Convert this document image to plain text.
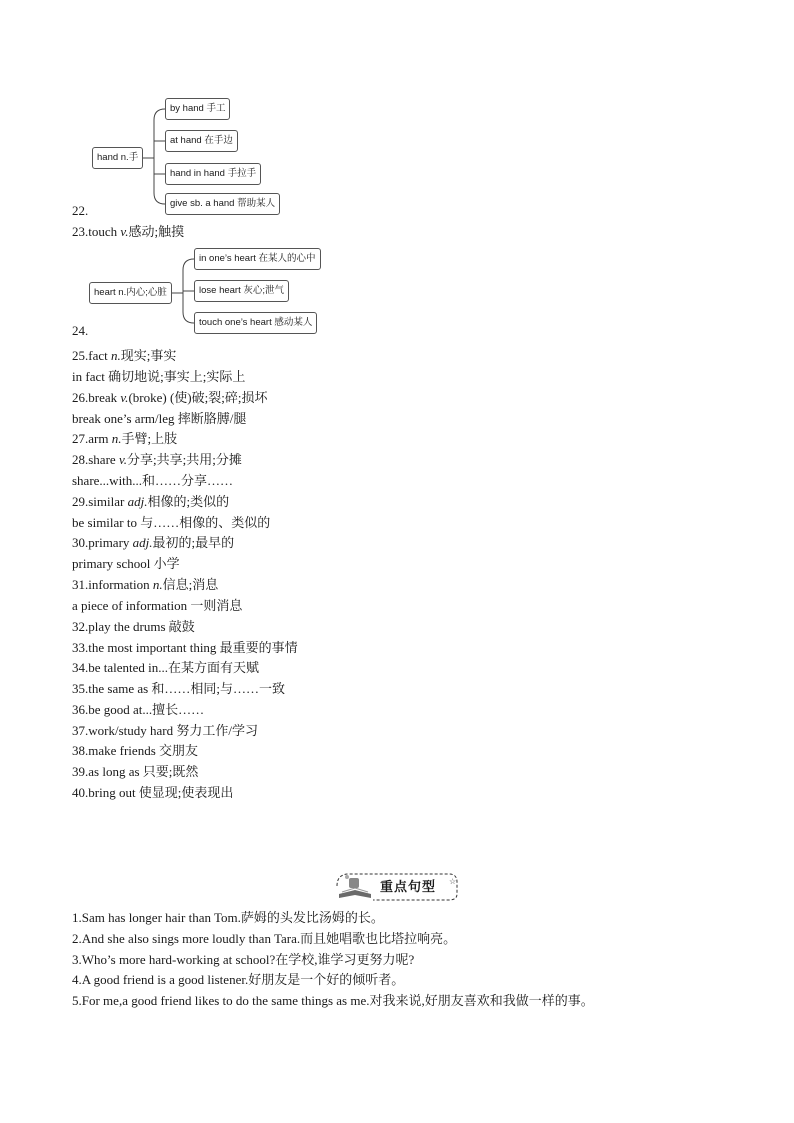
hand n.手
by hand 手工
at hand 在手边
hand in hand 手拉手
give sb. a hand 帮助某人
22.
23.touch v.感动;触摸
heart n.内心;心脏
in one’s heart 在某人的心中
lose heart 灰心;泄气
touch one’s heart 感动某人
24.
25.fact n.现实;事实
in fact 确切地说;事实上;实际上
26.break v.(broke) (使)破;裂;碎;损坏
break one’s arm/leg 摔断胳膊/腿
27.arm n.手臂;上肢
28.share v.分享;共享;共用;分摊
share...with...和……分享……
29.similar adj.相像的;类似的
be similar to 与……相像的、类似的
30.primary adj.最初的;最早的
primary school 小学
31.information n.信息;消息
a piece of information 一则消息
32.play the drums 敲鼓
33.the most important thing 最重要的事情
34.be talented in...在某方面有天赋
35.the same as 和……相同;与……一致
36.be good at...擅长……
37.work/study hard 努力工作/学习
38.make friends 交朋友
39.as long as 只要;既然
40.bring out 使显现;使表现出
☆
重点句型
1.Sam has longer hair than Tom.萨姆的头发比汤姆的长。
2.And she also sings more loudly than Tara.而且她唱歌也比塔拉响亮。
3.Who’s more hard-working at school?在学校,谁学习更努力呢?
4.A good friend is a good listener.好朋友是一个好的倾听者。
5.For me,a good friend likes to do the same things as me.对我来说,好朋友喜欢和我做一样的事。
